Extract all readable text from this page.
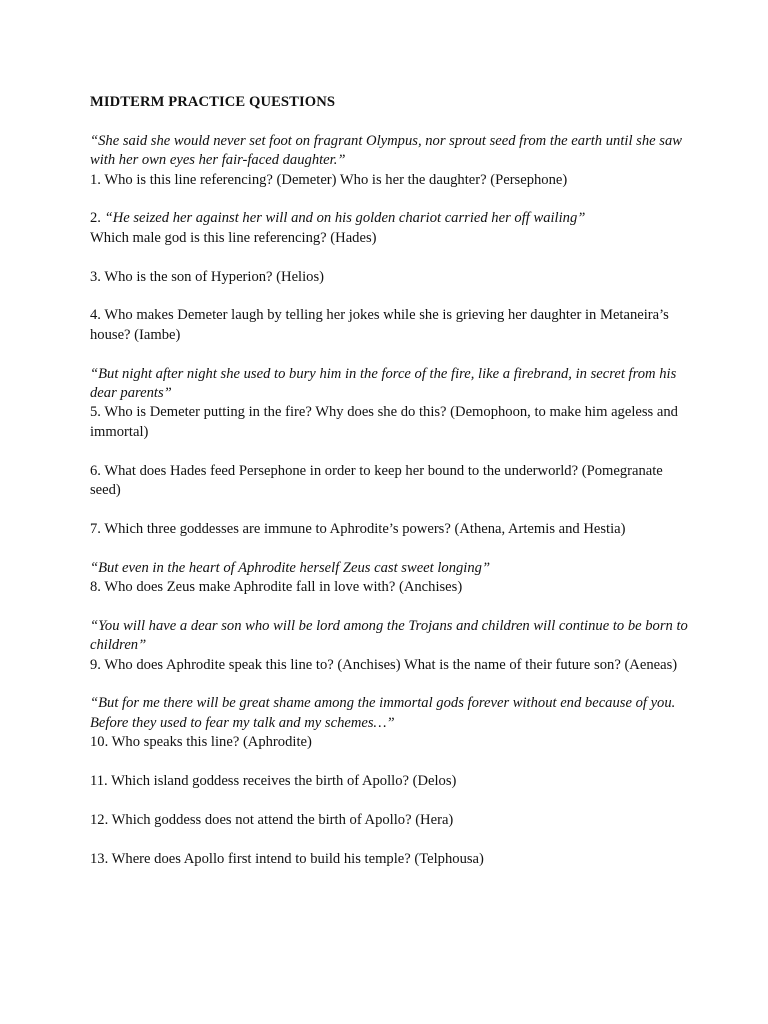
MIDTERM PRACTICE QUESTIONS
“She said she would never set foot on fragrant Olympus, nor sprout seed from the earth until she saw with her own eyes her fair-faced daughter.”
1. Who is this line referencing? (Demeter) Who is her the daughter? (Persephone)
2. “He seized her against her will and on his golden chariot carried her off wailing”
Which male god is this line referencing? (Hades)
3. Who is the son of Hyperion? (Helios)
4. Who makes Demeter laugh by telling her jokes while she is grieving her daughter in Metaneira’s house? (Iambe)
“But night after night she used to bury him in the force of the fire, like a firebrand, in secret from his dear parents”
5. Who is Demeter putting in the fire? Why does she do this? (Demophoon, to make him ageless and immortal)
6. What does Hades feed Persephone in order to keep her bound to the underworld? (Pomegranate seed)
7. Which three goddesses are immune to Aphrodite’s powers? (Athena, Artemis and Hestia)
“But even in the heart of Aphrodite herself Zeus cast sweet longing”
8. Who does Zeus make Aphrodite fall in love with? (Anchises)
“You will have a dear son who will be lord among the Trojans and children will continue to be born to children”
9. Who does Aphrodite speak this line to? (Anchises) What is the name of their future son? (Aeneas)
“But for me there will be great shame among the immortal gods forever without end because of you. Before they used to fear my talk and my schemes…”
10. Who speaks this line? (Aphrodite)
11. Which island goddess receives the birth of Apollo? (Delos)
12. Which goddess does not attend the birth of Apollo? (Hera)
13. Where does Apollo first intend to build his temple? (Telphousa)
